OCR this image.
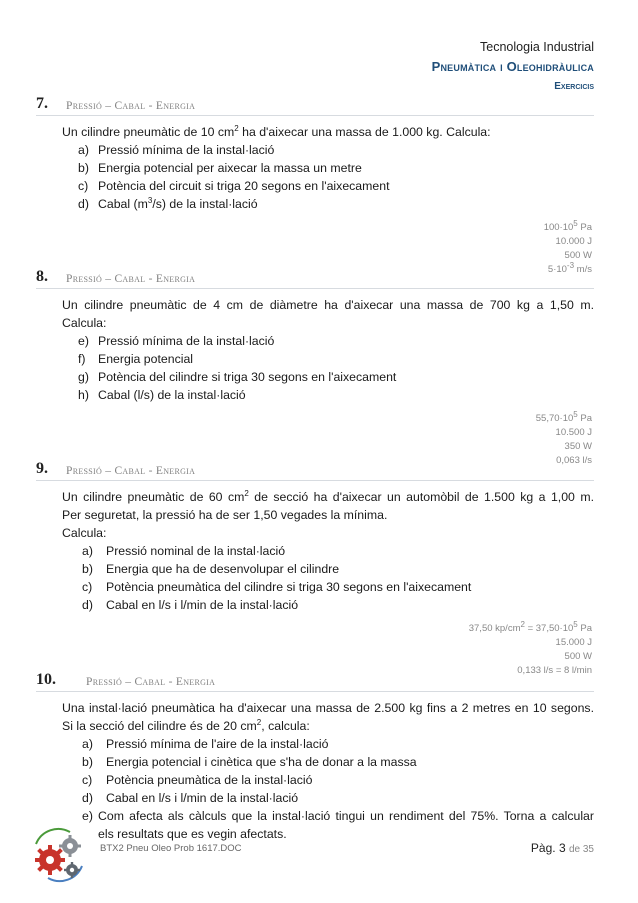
Tecnologia Industrial
Pneumàtica i Oleohidràulica
Exercicis
7. Pressió – Cabal - Energia

Un cilindre pneumàtic de 10 $cm^2$ ha d'aixecar una massa de 1.000 kg. Calcula:

a) Pressió mínima de la instal·lació
b) Energia potencial per aixecar la massa un metre
c) Potència del circuit si triga 20 segons en l'aixecament
d) Cabal $(m^3/s)$ de la instal·lació
$100\cdot 10^5$ Pa
10.000 J
500 W
$5\cdot 10^{-3}$ m/s
8. Pressió – Cabal - Energia

Un cilindre pneumàtic de 4 cm de diàmetre ha d'aixecar una massa de 700 kg a 1,50 m.

Calcula:

e) Pressió mínima de la instal·lació
f)	Energia potencial
g) Potència del cilindre si triga 30 segons en l'aixecament
h) Cabal (l/s) de la instal·lació
$55,70\cdot 10^5$ Pa
10.500 J
350 W
0,063 l/s
9. Pressió – Cabal - Energia

Un cilindre pneumàtic de 60 $cm^2$ de secció ha d'aixecar un automòbil de 1.500 kg a 1,00 m.

Per seguretat, la pressió ha de ser 1,50 vegades la mínima.

Calcula:

a)	Pressió nominal de la instal·lació
b)	Energia que ha de desenvolupar el cilindre
c)	Potència pneumàtica del cilindre si triga 30 segons en l'aixecament
d)	Cabal en l/s i l/min de la instal·lació
37,50 $kp/cm^2 = 37,50\cdot 10^5$ Pa
15.000 J
500 W
0,133 l/s = 8 l/min
10.	Pressió – Cabal - Energia

Una instal·lació pneumàtica ha d'aixecar una massa de 2.500 kg fins a 2 metres en 10 segons.

Si la secció del cilindre és de 20 $cm^2$, calcula:

a)	Pressió mínima de l'aire de la instal·lació
b)	Energia potencial i cinètica que s'ha de donar a la massa
c)	Potència pneumàtica de la instal·lació
d)	Cabal en l/s i l/min de la instal·lació
e) Com afecta als càlculs que la instal·lació tingui un rendiment del 75%. Torna a calcular
els resultats que es vegin afectats.
BTX2 Pneu Oleo Prob 1617.DOC	Pàg. 3 de 35
